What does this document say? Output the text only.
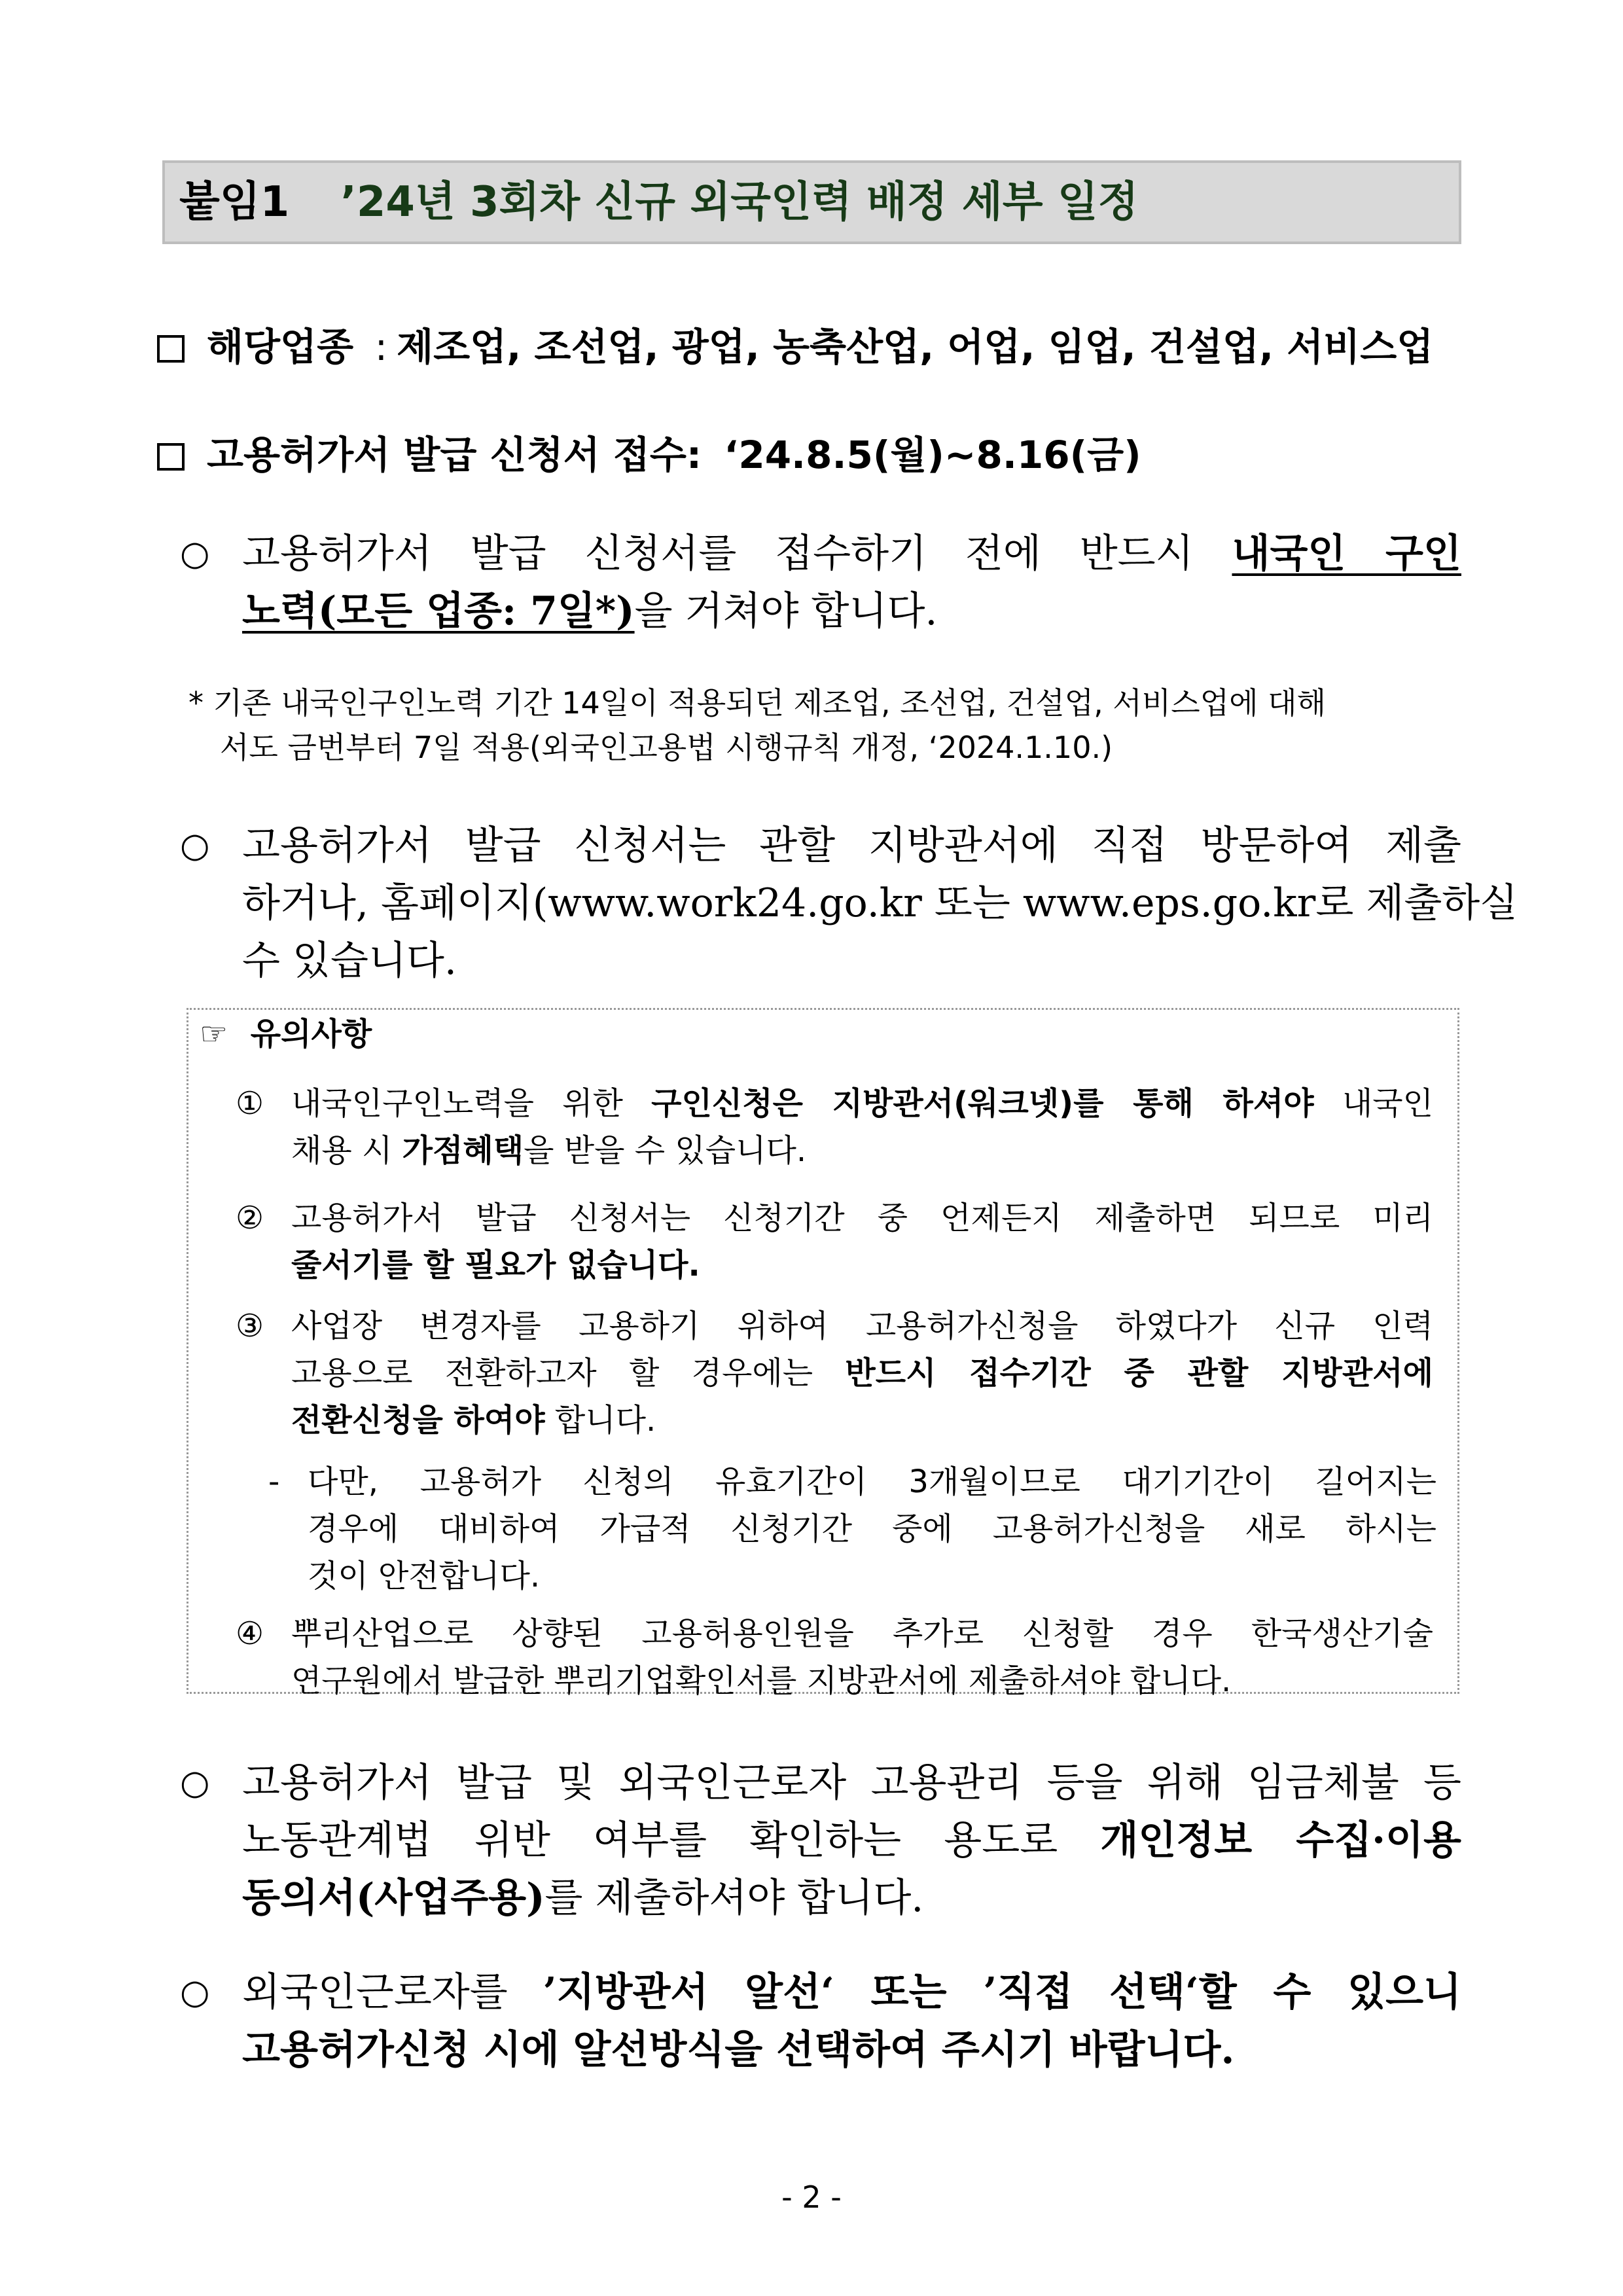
붙임1 ’24년 3회차 신규 외국인력 배정 세부 일정
해당업종 : 제조업, 조선업, 광업, 농축산업, 어업, 임업, 건설업, 서비스업
고용허가서 발급 신청서 접수: ‘24.8.5(월)~8.16(금)
○ 고용허가서 발급 신청서를 접수하기 전에 반드시 내국인 구인

노력(모든 업종: 7일*)을 거쳐야 합니다.

* 기존 내국인구인노력 기간 14일이 적용되던 제조업, 조선업, 건설업, 서비스업에 대해

서도 금번부터 7일 적용(외국인고용법 시행규칙 개정, ‘2024.1.10.)

○ 고용허가서 발급 신청서는 관할 지방관서에 직접 방문하여 제출

하거나, 홈페이지(www.work24.go.kr 또는 www.eps.go.kr로 제출하실

수 있습니다.

☞ 유의사항
① 내국인구인노력을 위한 구인신청은 지방관서(워크넷)를 통해 하셔야 내국인

채용 시 가점혜택을 받을 수 있습니다.

② 고용허가서 발급 신청서는 신청기간 중 언제든지 제출하면 되므로 미리

줄서기를 할 필요가 없습니다.

③ 사업장 변경자를 고용하기 위하여 고용허가신청을 하였다가 신규 인력

고용으로 전환하고자 할 경우에는 반드시 접수기간 중 관할 지방관서에

전환신청을 하여야 합니다.

- 다만, 고용허가 신청의 유효기간이 3개월이므로 대기기간이 길어지는

경우에 대비하여 가급적 신청기간 중에 고용허가신청을 새로 하시는

것이 안전합니다.

④ 뿌리산업으로 상향된 고용허용인원을 추가로 신청할 경우 한국생산기술

연구원에서 발급한 뿌리기업확인서를 지방관서에 제출하셔야 합니다.

○ 고용허가서 발급 및 외국인근로자 고용관리 등을 위해 임금체불 등

노동관계법 위반 여부를 확인하는 용도로 개인정보 수집·이용

동의서(사업주용)를 제출하셔야 합니다.

○ 외국인근로자를 ’지방관서 알선‘ 또는 ’직접 선택‘할 수 있으니

고용허가신청 시에 알선방식을 선택하여 주시기 바랍니다.

- 2 -
